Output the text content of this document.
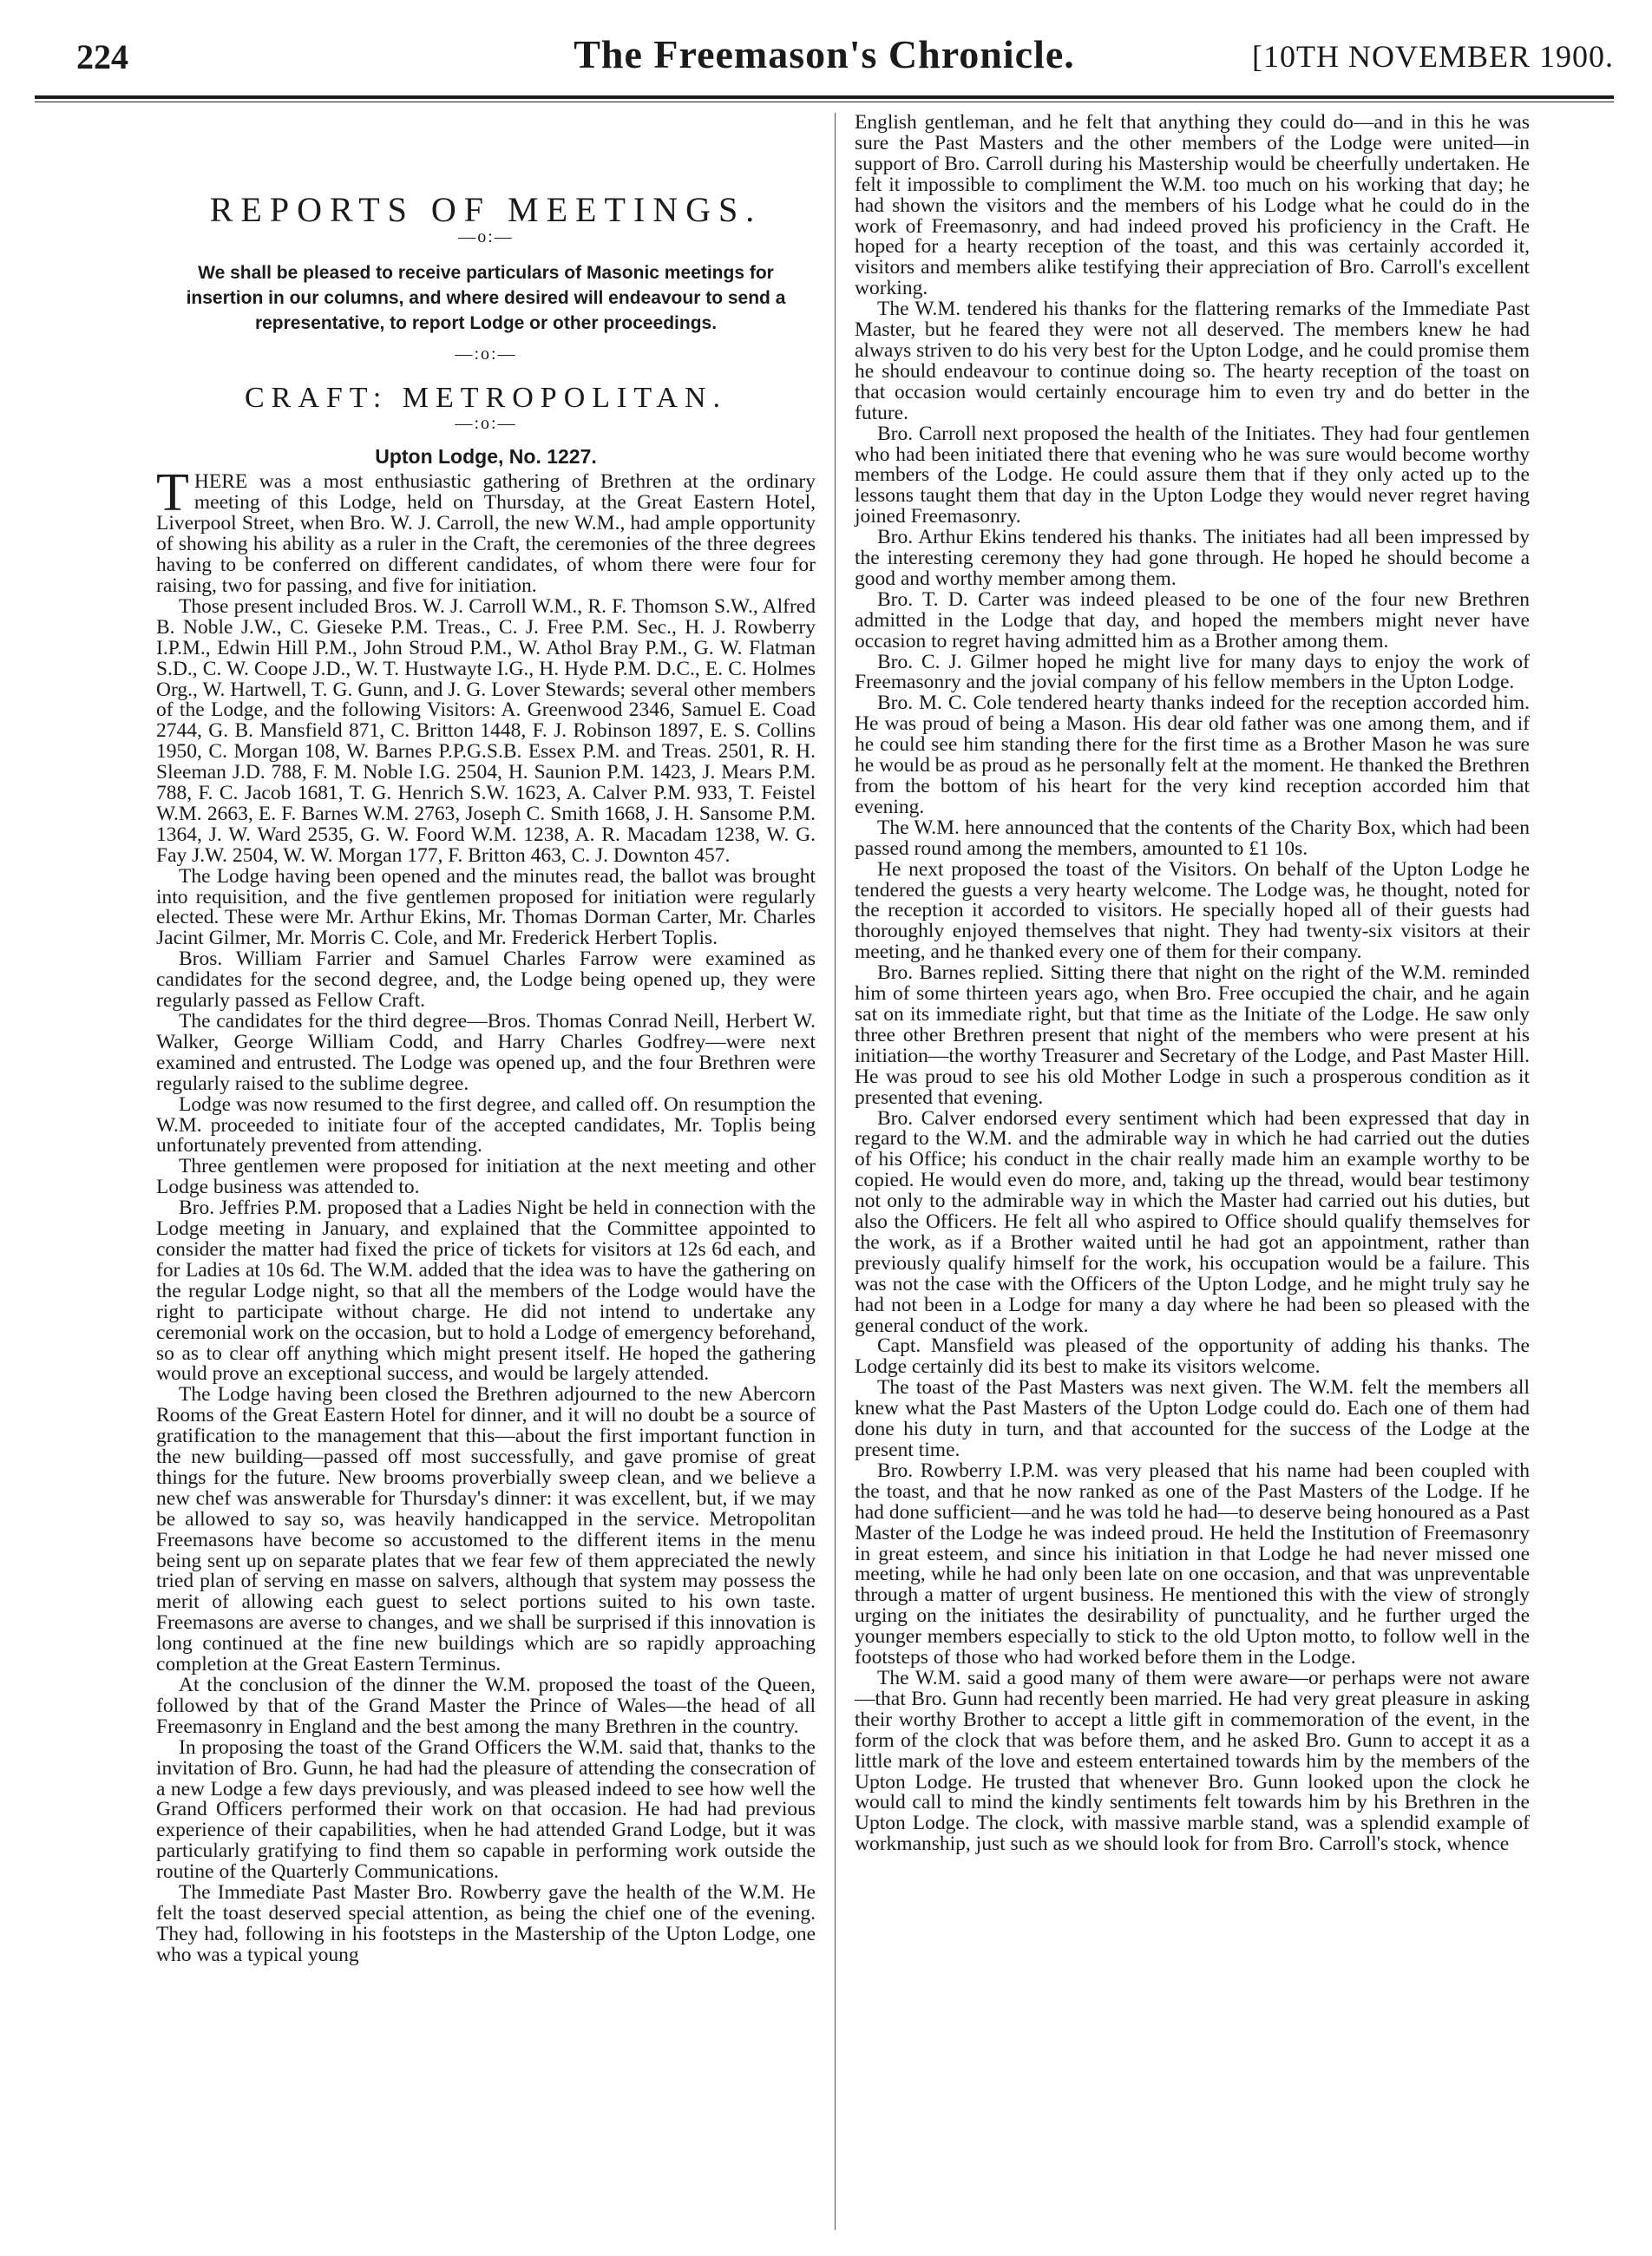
224	The Freemason's Chronicle.	[10TH NOVEMBER 1900.
REPORTS OF MEETINGS.
—o:—
We shall be pleased to receive particulars of Masonic meetings for insertion in our columns, and where desired will endeavour to send a representative, to report Lodge or other proceedings.
—:o:—
CRAFT: METROPOLITAN.
—:o:—
Upton Lodge, No. 1227.

THERE was a most enthusiastic gathering of Brethren at the ordinary meeting of this Lodge, held on Thursday, at the Great Eastern Hotel, Liverpool Street, when Bro. W. J. Carroll, the new W.M., had ample opportunity of showing his ability as a ruler in the Craft, the ceremonies of the three degrees having to be conferred on different candidates, of whom there were four for raising, two for passing, and five for initiation.

Those present included Bros. W. J. Carroll W.M., R. F. Thomson S.W., Alfred B. Noble J.W., C. Gieseke P.M. Treas., C. J. Free P.M. Sec., H. J. Rowberry I.P.M., Edwin Hill P.M., John Stroud P.M., W. Athol Bray P.M., G. W. Flatman S.D., C. W. Coope J.D., W. T. Hustwayte I.G., H. Hyde P.M. D.C., E. C. Holmes Org., W. Hartwell, T. G. Gunn, and J. G. Lover Stewards; several other members of the Lodge, and the following Visitors: A. Greenwood 2346, Samuel E. Coad 2744, G. B. Mansfield 871, C. Britton 1448, F. J. Robinson 1897, E. S. Collins 1950, C. Morgan 108, W. Barnes P.P.G.S.B. Essex P.M. and Treas. 2501, R. H. Sleeman J.D. 788, F. M. Noble I.G. 2504, H. Saunion P.M. 1423, J. Mears P.M. 788, F. C. Jacob 1681, T. G. Henrich S.W. 1623, A. Calver P.M. 933, T. Feistel W.M. 2663, E. F. Barnes W.M. 2763, Joseph C. Smith 1668, J. H. Sansome P.M. 1364, J. W. Ward 2535, G. W. Foord W.M. 1238, A. R. Macadam 1238, W. G. Fay J.W. 2504, W. W. Morgan 177, F. Britton 463, C. J. Downton 457.

The Lodge having been opened and the minutes read, the ballot was brought into requisition, and the five gentlemen proposed for initiation were regularly elected. These were Mr. Arthur Ekins, Mr. Thomas Dorman Carter, Mr. Charles Jacint Gilmer, Mr. Morris C. Cole, and Mr. Frederick Herbert Toplis.

Bros. William Farrier and Samuel Charles Farrow were examined as candidates for the second degree, and, the Lodge being opened up, they were regularly passed as Fellow Craft.

The candidates for the third degree—Bros. Thomas Conrad Neill, Herbert W. Walker, George William Codd, and Harry Charles Godfrey—were next examined and entrusted. The Lodge was opened up, and the four Brethren were regularly raised to the sublime degree.

Lodge was now resumed to the first degree, and called off. On resumption the W.M. proceeded to initiate four of the accepted candidates, Mr. Toplis being unfortunately prevented from attending.

Three gentlemen were proposed for initiation at the next meeting and other Lodge business was attended to.

Bro. Jeffries P.M. proposed that a Ladies Night be held in connection with the Lodge meeting in January, and explained that the Committee appointed to consider the matter had fixed the price of tickets for visitors at 12s 6d each, and for Ladies at 10s 6d. The W.M. added that the idea was to have the gathering on the regular Lodge night, so that all the members of the Lodge would have the right to participate without charge. He did not intend to undertake any ceremonial work on the occasion, but to hold a Lodge of emergency beforehand, so as to clear off anything which might present itself. He hoped the gathering would prove an exceptional success, and would be largely attended.

The Lodge having been closed the Brethren adjourned to the new Abercorn Rooms of the Great Eastern Hotel for dinner, and it will no doubt be a source of gratification to the management that this—about the first important function in the new building—passed off most successfully, and gave promise of great things for the future. New brooms proverbially sweep clean, and we believe a new chef was answerable for Thursday's dinner: it was excellent, but, if we may be allowed to say so, was heavily handicapped in the service. Metropolitan Freemasons have become so accustomed to the different items in the menu being sent up on separate plates that we fear few of them appreciated the newly tried plan of serving en masse on salvers, although that system may possess the merit of allowing each guest to select portions suited to his own taste. Freemasons are averse to changes, and we shall be surprised if this innovation is long continued at the fine new buildings which are so rapidly approaching completion at the Great Eastern Terminus.

At the conclusion of the dinner the W.M. proposed the toast of the Queen, followed by that of the Grand Master the Prince of Wales—the head of all Freemasonry in England and the best among the many Brethren in the country.

In proposing the toast of the Grand Officers the W.M. said that, thanks to the invitation of Bro. Gunn, he had had the pleasure of attending the consecration of a new Lodge a few days previously, and was pleased indeed to see how well the Grand Officers performed their work on that occasion. He had had previous experience of their capabilities, when he had attended Grand Lodge, but it was particularly gratifying to find them so capable in performing work outside the routine of the Quarterly Communications.

The Immediate Past Master Bro. Rowberry gave the health of the W.M. He felt the toast deserved special attention, as being the chief one of the evening. They had, following in his footsteps in the Mastership of the Upton Lodge, one who was a typical young

English gentleman, and he felt that anything they could do—and in this he was sure the Past Masters and the other members of the Lodge were united—in support of Bro. Carroll during his Mastership would be cheerfully undertaken. He felt it impossible to compliment the W.M. too much on his working that day; he had shown the visitors and the members of his Lodge what he could do in the work of Freemasonry, and had indeed proved his proficiency in the Craft. He hoped for a hearty reception of the toast, and this was certainly accorded it, visitors and members alike testifying their appreciation of Bro. Carroll's excellent working.

The W.M. tendered his thanks for the flattering remarks of the Immediate Past Master, but he feared they were not all deserved. The members knew he had always striven to do his very best for the Upton Lodge, and he could promise them he should endeavour to continue doing so. The hearty reception of the toast on that occasion would certainly encourage him to even try and do better in the future.

Bro. Carroll next proposed the health of the Initiates. They had four gentlemen who had been initiated there that evening who he was sure would become worthy members of the Lodge. He could assure them that if they only acted up to the lessons taught them that day in the Upton Lodge they would never regret having joined Freemasonry.

Bro. Arthur Ekins tendered his thanks. The initiates had all been impressed by the interesting ceremony they had gone through. He hoped he should become a good and worthy member among them.

Bro. T. D. Carter was indeed pleased to be one of the four new Brethren admitted in the Lodge that day, and hoped the members might never have occasion to regret having admitted him as a Brother among them.

Bro. C. J. Gilmer hoped he might live for many days to enjoy the work of Freemasonry and the jovial company of his fellow members in the Upton Lodge.

Bro. M. C. Cole tendered hearty thanks indeed for the reception accorded him. He was proud of being a Mason. His dear old father was one among them, and if he could see him standing there for the first time as a Brother Mason he was sure he would be as proud as he personally felt at the moment. He thanked the Brethren from the bottom of his heart for the very kind reception accorded him that evening.

The W.M. here announced that the contents of the Charity Box, which had been passed round among the members, amounted to £1 10s.

He next proposed the toast of the Visitors. On behalf of the Upton Lodge he tendered the guests a very hearty welcome. The Lodge was, he thought, noted for the reception it accorded to visitors. He specially hoped all of their guests had thoroughly enjoyed themselves that night. They had twenty-six visitors at their meeting, and he thanked every one of them for their company.

Bro. Barnes replied. Sitting there that night on the right of the W.M. reminded him of some thirteen years ago, when Bro. Free occupied the chair, and he again sat on its immediate right, but that time as the Initiate of the Lodge. He saw only three other Brethren present that night of the members who were present at his initiation—the worthy Treasurer and Secretary of the Lodge, and Past Master Hill. He was proud to see his old Mother Lodge in such a prosperous condition as it presented that evening.

Bro. Calver endorsed every sentiment which had been expressed that day in regard to the W.M. and the admirable way in which he had carried out the duties of his Office; his conduct in the chair really made him an example worthy to be copied. He would even do more, and, taking up the thread, would bear testimony not only to the admirable way in which the Master had carried out his duties, but also the Officers. He felt all who aspired to Office should qualify themselves for the work, as if a Brother waited until he had got an appointment, rather than previously qualify himself for the work, his occupation would be a failure. This was not the case with the Officers of the Upton Lodge, and he might truly say he had not been in a Lodge for many a day where he had been so pleased with the general conduct of the work.

Capt. Mansfield was pleased of the opportunity of adding his thanks. The Lodge certainly did its best to make its visitors welcome.

The toast of the Past Masters was next given. The W.M. felt the members all knew what the Past Masters of the Upton Lodge could do. Each one of them had done his duty in turn, and that accounted for the success of the Lodge at the present time.

Bro. Rowberry I.P.M. was very pleased that his name had been coupled with the toast, and that he now ranked as one of the Past Masters of the Lodge. If he had done sufficient—and he was told he had—to deserve being honoured as a Past Master of the Lodge he was indeed proud. He held the Institution of Freemasonry in great esteem, and since his initiation in that Lodge he had never missed one meeting, while he had only been late on one occasion, and that was unpreventable through a matter of urgent business. He mentioned this with the view of strongly urging on the initiates the desirability of punctuality, and he further urged the younger members especially to stick to the old Upton motto, to follow well in the footsteps of those who had worked before them in the Lodge.

The W.M. said a good many of them were aware—or perhaps were not aware—that Bro. Gunn had recently been married. He had very great pleasure in asking their worthy Brother to accept a little gift in commemoration of the event, in the form of the clock that was before them, and he asked Bro. Gunn to accept it as a little mark of the love and esteem entertained towards him by the members of the Upton Lodge. He trusted that whenever Bro. Gunn looked upon the clock he would call to mind the kindly sentiments felt towards him by his Brethren in the Upton Lodge. The clock, with massive marble stand, was a splendid example of workmanship, just such as we should look for from Bro. Carroll's stock, whence
